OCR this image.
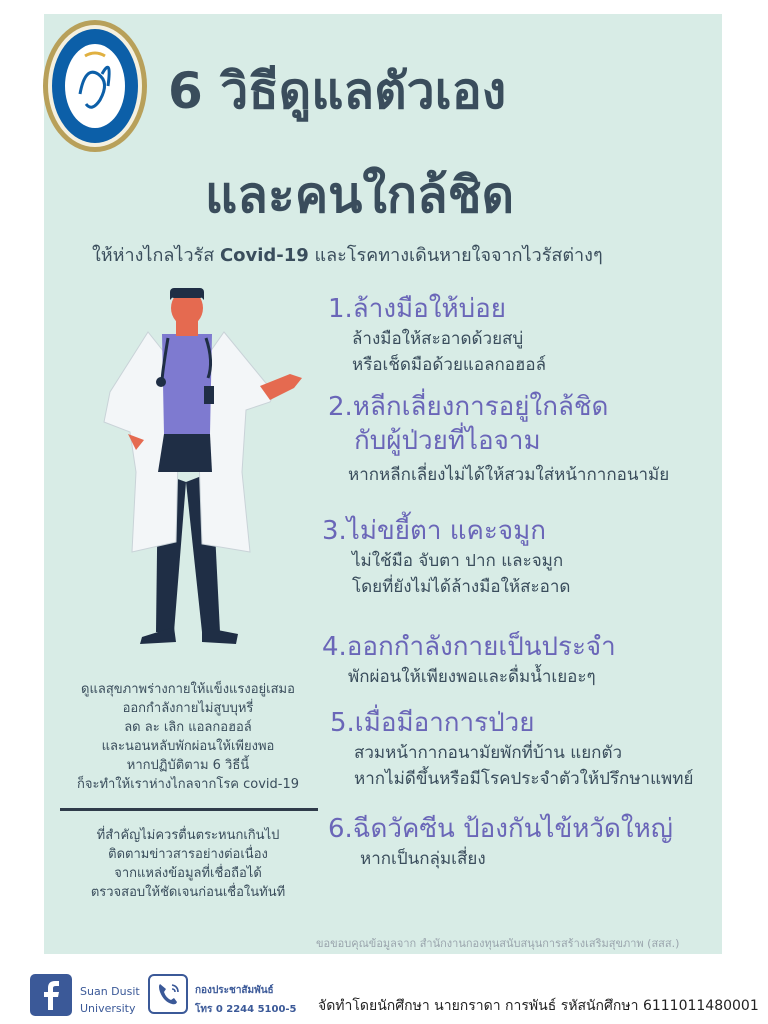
6 วิธีดูแลตัวเอง
และคนใกล้ชิด
ให้ห่างไกลไวรัส Covid-19 และโรคทางเดินหายใจจากไวรัสต่างๆ
1.ล้างมือให้บ่อย
ล้างมือให้สะอาดด้วยสบู่
หรือเช็ดมือด้วยแอลกอฮอล์
2.หลีกเลี่ยงการอยู่ใกล้ชิด
กับผู้ป่วยที่ไอจาม
หากหลีกเลี่ยงไม่ได้ให้สวมใส่หน้ากากอนามัย
3.ไม่ขยี้ตา แคะจมูก
ไม่ใช้มือ จับตา ปาก และจมูก
โดยที่ยังไม่ได้ล้างมือให้สะอาด
4.ออกกำลังกายเป็นประจำ
พักผ่อนให้เพียงพอและดื่มน้ำเยอะๆ
5.เมื่อมีอาการป่วย
สวมหน้ากากอนามัยพักที่บ้าน แยกตัว
หากไม่ดีขึ้นหรือมีโรคประจำตัวให้ปรึกษาแพทย์
6.ฉีดวัคซีน ป้องกันไข้หวัดใหญ่
หากเป็นกลุ่มเสี่ยง
ดูแลสุขภาพร่างกายให้แข็งแรงอยู่เสมอ
ออกกำลังกายไม่สูบบุหรี่
ลด ละ เลิก แอลกอฮอล์
และนอนหลับพักผ่อนให้เพียงพอ
หากปฏิบัติตาม 6 วิธีนี้
ก็จะทำให้เราห่างไกลจากโรค covid-19
ที่สำคัญไม่ควรตื่นตระหนกเกินไป
ติดตามข่าวสารอย่างต่อเนื่อง
จากแหล่งข้อมูลที่เชื่อถือได้
ตรวจสอบให้ชัดเจนก่อนเชื่อในทันที
ขอขอบคุณข้อมูลจาก สำนักงานกองทุนสนับสนุนการสร้างเสริมสุขภาพ (สสส.)
Suan Dusit
University
กองประชาสัมพันธ์
โทร 0 2244 5100-5 จัดทำโดยนักศึกษา นายกราดา การพันธ์ รหัสนักศึกษา 6111011480001
